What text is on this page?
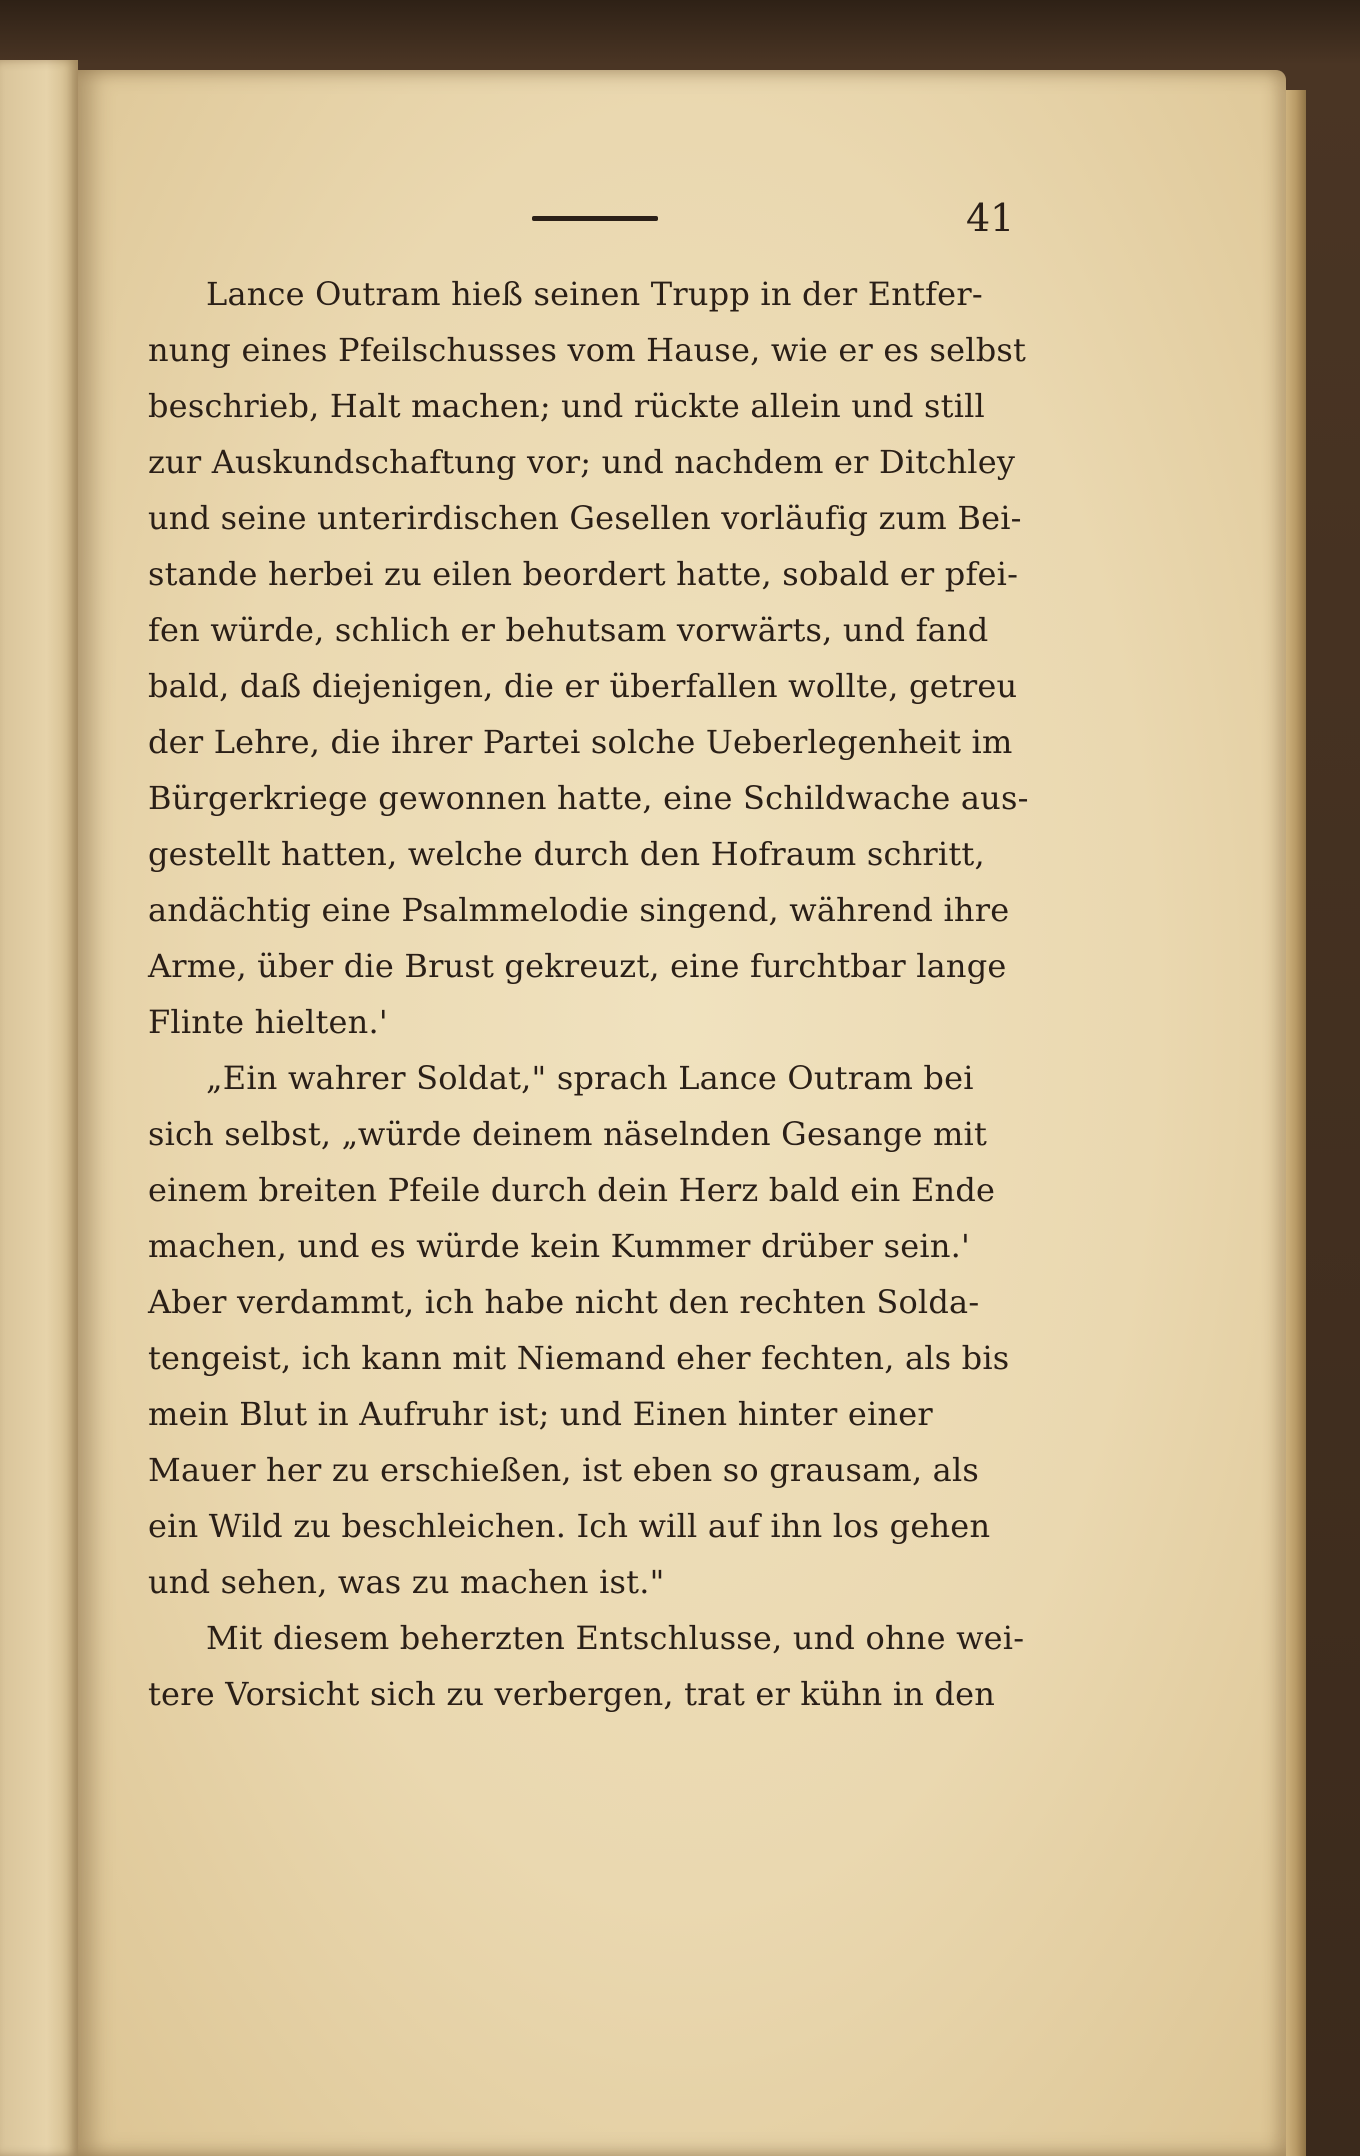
41
Lance Outram hieß seinen Trupp in der Entfer-
nung eines Pfeilschusses vom Hause, wie er es selbst
beschrieb, Halt machen; und rückte allein und still
zur Auskundschaftung vor; und nachdem er Ditchley
und seine unterirdischen Gesellen vorläufig zum Bei-
stande herbei zu eilen beordert hatte, sobald er pfei-
fen würde, schlich er behutsam vorwärts, und fand
bald, daß diejenigen, die er überfallen wollte, getreu
der Lehre, die ihrer Partei solche Ueberlegenheit im
Bürgerkriege gewonnen hatte, eine Schildwache aus-
gestellt hatten, welche durch den Hofraum schritt,
andächtig eine Psalmmelodie singend, während ihre
Arme, über die Brust gekreuzt, eine furchtbar lange
Flinte hielten.'
„Ein wahrer Soldat," sprach Lance Outram bei
sich selbst, „würde deinem näselnden Gesange mit
einem breiten Pfeile durch dein Herz bald ein Ende
machen, und es würde kein Kummer drüber sein.'
Aber verdammt, ich habe nicht den rechten Solda-
tengeist, ich kann mit Niemand eher fechten, als bis
mein Blut in Aufruhr ist; und Einen hinter einer
Mauer her zu erschießen, ist eben so grausam, als
ein Wild zu beschleichen. Ich will auf ihn los gehen
und sehen, was zu machen ist."
Mit diesem beherzten Entschlusse, und ohne wei-
tere Vorsicht sich zu verbergen, trat er kühn in den
